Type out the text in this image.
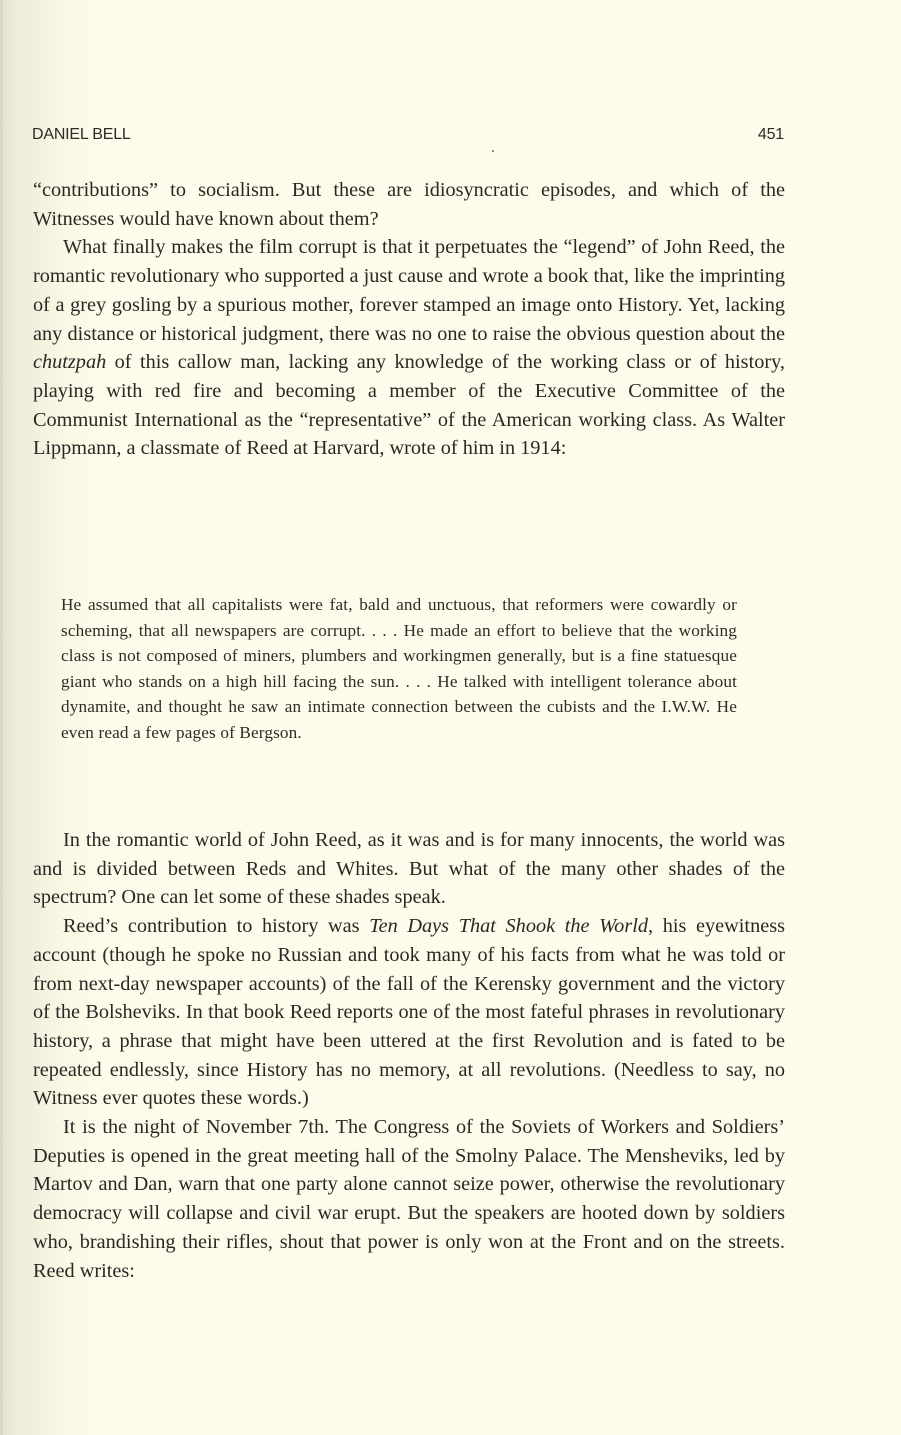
DANIEL BELL	451

“contributions” to socialism. But these are idiosyncratic episodes, and which of the Witnesses would have known about them?

What finally makes the film corrupt is that it perpetuates the “legend” of John Reed, the romantic revolutionary who supported a just cause and wrote a book that, like the imprinting of a grey gosling by a spurious mother, forever stamped an image onto History. Yet, lacking any distance or historical judgment, there was no one to raise the obvious question about the chutzpah of this callow man, lacking any knowledge of the working class or of history, playing with red fire and becoming a member of the Executive Committee of the Communist International as the “representative” of the American working class. As Walter Lippmann, a classmate of Reed at Harvard, wrote of him in 1914:

He assumed that all capitalists were fat, bald and unctuous, that reformers were cowardly or scheming, that all newspapers are corrupt. . . . He made an effort to believe that the working class is not composed of miners, plumbers and workingmen generally, but is a fine statuesque giant who stands on a high hill facing the sun. . . . He talked with intelligent tolerance about dynamite, and thought he saw an intimate connection between the cubists and the I.W.W. He even read a few pages of Bergson.

In the romantic world of John Reed, as it was and is for many innocents, the world was and is divided between Reds and Whites. But what of the many other shades of the spectrum? One can let some of these shades speak.

Reed’s contribution to history was Ten Days That Shook the World, his eyewitness account (though he spoke no Russian and took many of his facts from what he was told or from next-day newspaper accounts) of the fall of the Kerensky government and the victory of the Bolsheviks. In that book Reed reports one of the most fateful phrases in revolutionary history, a phrase that might have been uttered at the first Revolution and is fated to be repeated endlessly, since History has no memory, at all revolutions. (Needless to say, no Witness ever quotes these words.)

It is the night of November 7th. The Congress of the Soviets of Workers and Soldiers’ Deputies is opened in the great meeting hall of the Smolny Palace. The Mensheviks, led by Martov and Dan, warn that one party alone cannot seize power, otherwise the revolutionary democracy will collapse and civil war erupt. But the speakers are hooted down by soldiers who, brandishing their rifles, shout that power is only won at the Front and on the streets. Reed writes:
